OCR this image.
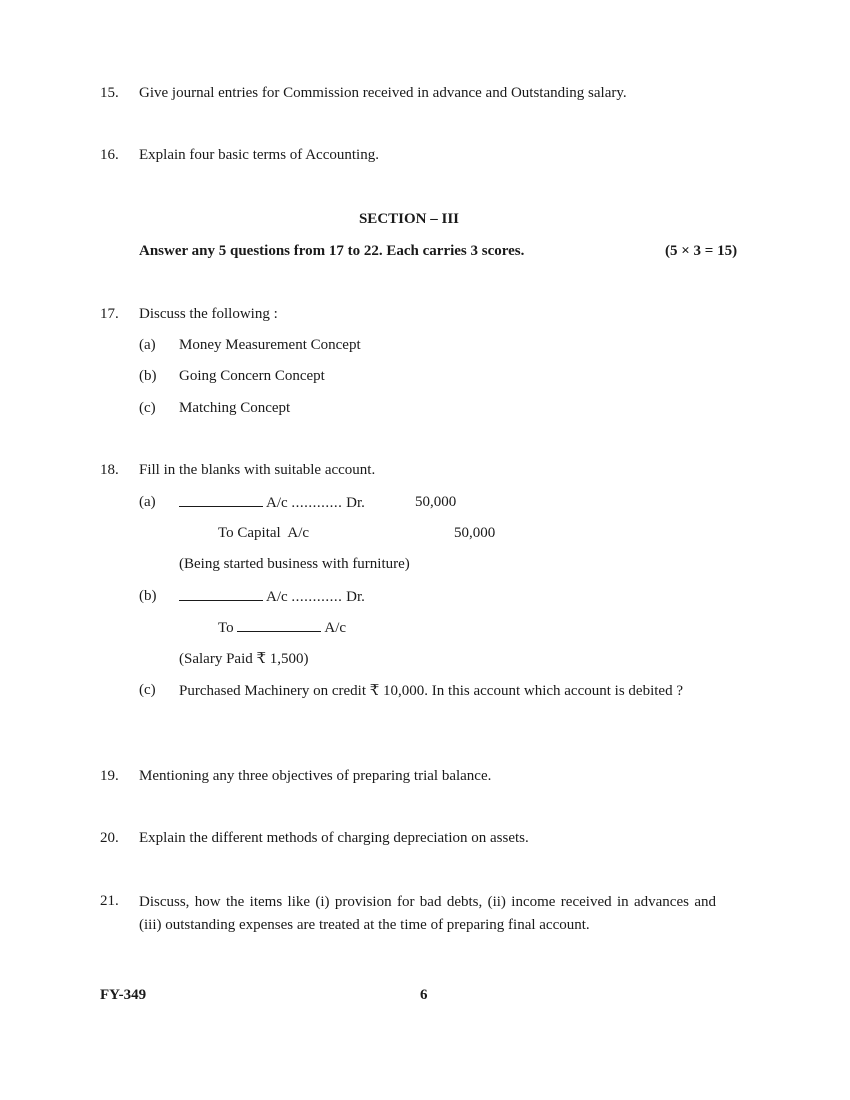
15. Give journal entries for Commission received in advance and Outstanding salary.
16. Explain four basic terms of Accounting.
SECTION – III
Answer any 5 questions from 17 to 22. Each carries 3 scores.	(5 × 3 = 15)
17. Discuss the following :
(a) Money Measurement Concept
(b) Going Concern Concept
(c) Matching Concept
18. Fill in the blanks with suitable account.
(a)	A/c ............ Dr.	50,000
To Capital  A/c	50,000
(Being started business with furniture)
(b)	A/c ............ Dr.
To	A/c
(Salary Paid ₹ 1,500)
(c) Purchased Machinery on credit ₹ 10,000. In this account which account is debited ?
19. Mentioning any three objectives of preparing trial balance.
20. Explain the different methods of charging depreciation on assets.
21. Discuss, how the items like (i) provision for bad debts, (ii) income received in advances and (iii) outstanding expenses are treated at the time of preparing final account.
FY-349	6
